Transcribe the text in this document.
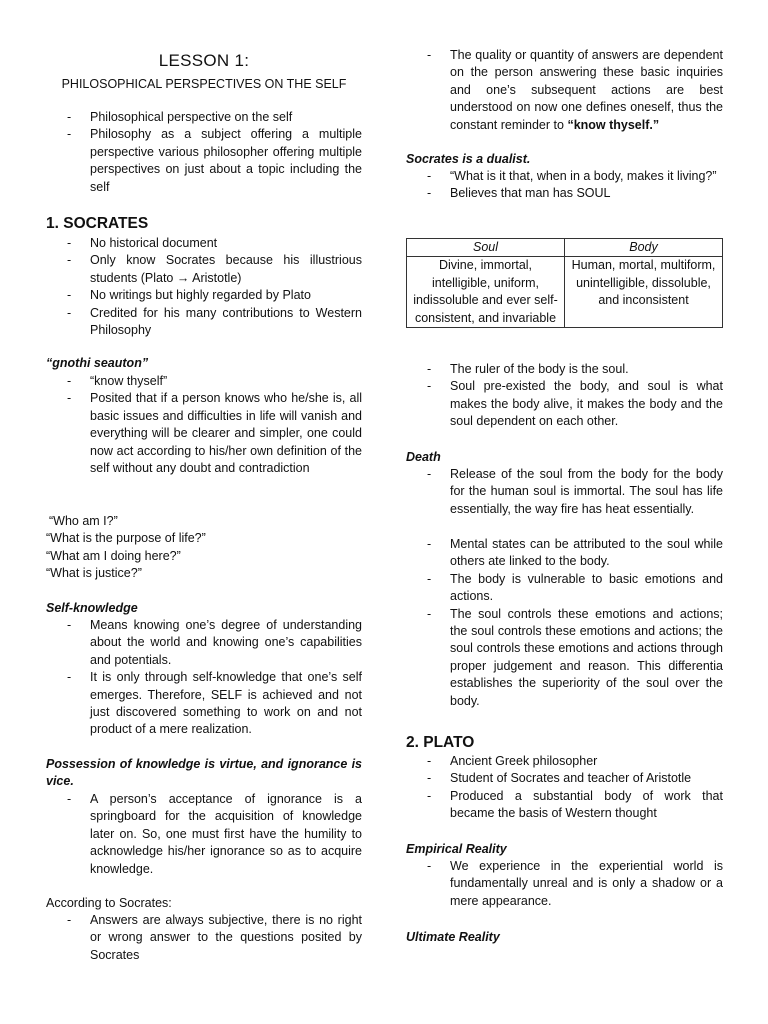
LESSON 1:
PHILOSOPHICAL PERSPECTIVES ON THE SELF
- Philosophical perspective on the self
- Philosophy as a subject offering a multiple perspective various philosopher offering multiple perspectives on just about a topic including the self
1. SOCRATES
- No historical document
- Only know Socrates because his illustrious students (Plato → Aristotle)
- No writings but highly regarded by Plato
- Credited for his many contributions to Western Philosophy
“gnothi seauton”
- “know thyself”
- Posited that if a person knows who he/she is, all basic issues and difficulties in life will vanish and everything will be clearer and simpler, one could now act according to his/her own definition of the self without any doubt and contradiction

“Who am I?”

“What is the purpose of life?”

“What am I doing here?”

“What is justice?”

Self-knowledge
- Means knowing one’s degree of understanding about the world and knowing one’s capabilities and potentials.
- It is only through self-knowledge that one’s self emerges. Therefore, SELF is achieved and not just discovered something to work on and not product of a mere realization.
Possession of knowledge is virtue, and ignorance is vice.
- A person’s acceptance of ignorance is a springboard for the acquisition of knowledge later on. So, one must first have the humility to acknowledge his/her ignorance so as to acquire knowledge.
According to Socrates:
- Answers are always subjective, there is no right or wrong answer to the questions posited by Socrates
- The quality or quantity of answers are dependent on the person answering these basic inquiries and one’s subsequent actions are best understood on now one defines oneself, thus the constant reminder to “know thyself.”
Socrates is a dualist.
- “What is it that, when in a body, makes it living?”
- Believes that man has SOUL
Soul	Body
Divine, immortal, intelligible, uniform, indissoluble and ever self-consistent, and invariable	Human, mortal, multiform, unintelligible, dissoluble, and inconsistent
- The ruler of the body is the soul.
- Soul pre-existed the body, and soul is what makes the body alive, it makes the body and the soul dependent on each other.
Death
- Release of the soul from the body for the body for the human soul is immortal. The soul has life essentially, the way fire has heat essentially.
- Mental states can be attributed to the soul while others ate linked to the body.
- The body is vulnerable to basic emotions and actions.
- The soul controls these emotions and actions; the soul controls these emotions and actions; the soul controls these emotions and actions through proper judgement and reason. This differentia establishes the superiority of the soul over the body.
2. PLATO
- Ancient Greek philosopher
- Student of Socrates and teacher of Aristotle
- Produced a substantial body of work that became the basis of Western thought
Empirical Reality
- We experience in the experiential world is fundamentally unreal and is only a shadow or a mere appearance.
Ultimate Reality
